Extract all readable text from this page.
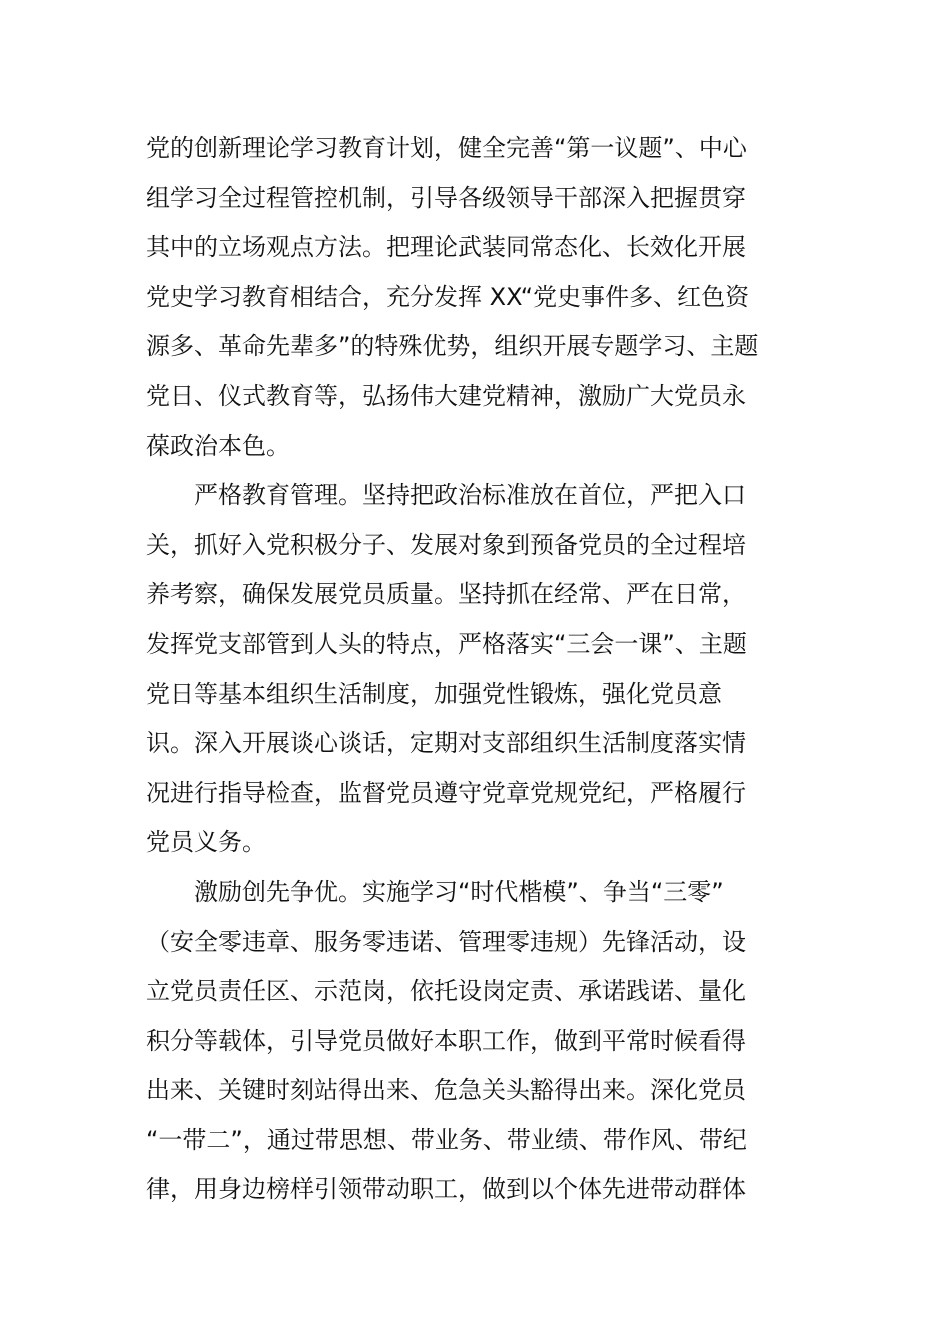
党的创新理论学习教育计划，健全完善“第一议题”、中心
组学习全过程管控机制，引导各级领导干部深入把握贯穿
其中的立场观点方法。把理论武装同常态化、长效化开展
党史学习教育相结合，充分发挥 XX“党史事件多、红色资
源多、革命先辈多”的特殊优势，组织开展专题学习、主题
党日、仪式教育等，弘扬伟大建党精神，激励广大党员永
葆政治本色。
严格教育管理。坚持把政治标准放在首位，严把入口
关，抓好入党积极分子、发展对象到预备党员的全过程培
养考察，确保发展党员质量。坚持抓在经常、严在日常，
发挥党支部管到人头的特点，严格落实“三会一课”、主题
党日等基本组织生活制度，加强党性锻炼，强化党员意
识。深入开展谈心谈话，定期对支部组织生活制度落实情
况进行指导检查，监督党员遵守党章党规党纪，严格履行
党员义务。
激励创先争优。实施学习“时代楷模”、争当“三零”
（安全零违章、服务零违诺、管理零违规）先锋活动，设
立党员责任区、示范岗，依托设岗定责、承诺践诺、量化
积分等载体，引导党员做好本职工作，做到平常时候看得
出来、关键时刻站得出来、危急关头豁得出来。深化党员
“一带二”，通过带思想、带业务、带业绩、带作风、带纪
律，用身边榜样引领带动职工，做到以个体先进带动群体
